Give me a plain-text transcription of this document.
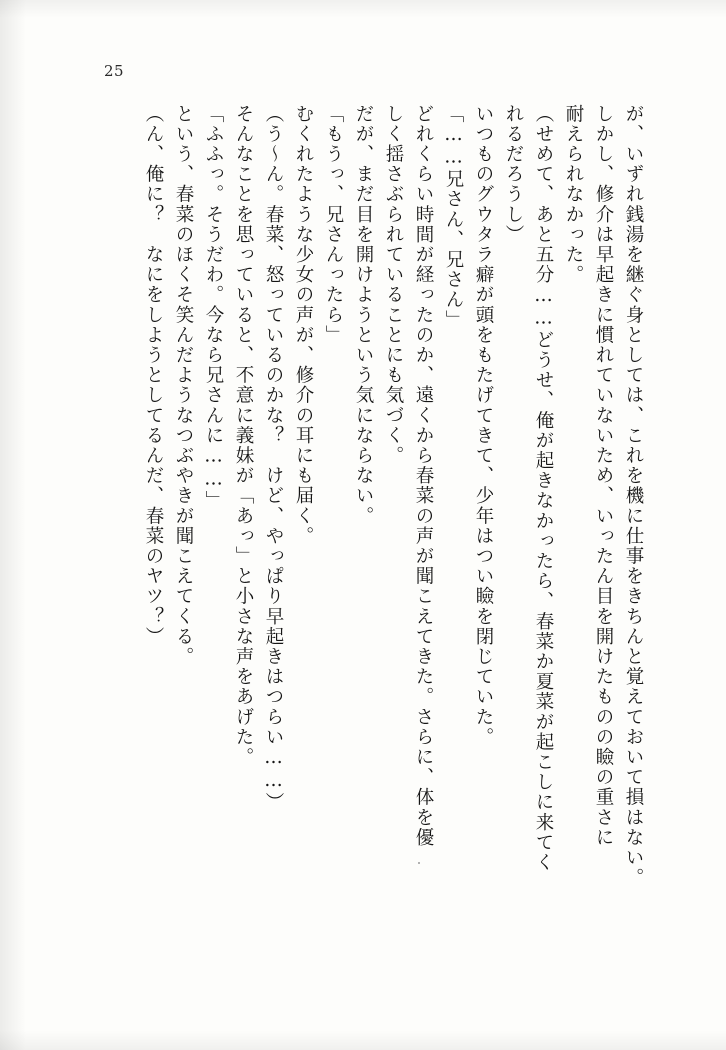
25
が、いずれ銭湯を継ぐ身としては、これを機に仕事をきちんと覚えておいて損はない。
しかし、修介は早起きに慣れていないため、いったん目を開けたものの瞼の重さに
耐えられなかった。
（せめて、あと五分……どうせ、俺が起きなかったら、春菜か夏菜が起こしに来てく
れるだろうし）
いつものグウタラ癖が頭をもたげてきて、少年はつい瞼を閉じていた。
「……兄さん、兄さん」
どれくらい時間が経ったのか、遠くから春菜の声が聞こえてきた。さらに、体を優
しく揺さぶられていることにも気づく。
だが、まだ目を開けようという気にならない。
「もうっ、兄さんったら」
むくれたような少女の声が、修介の耳にも届く。
（う～ん。春菜、怒っているのかな？　けど、やっぱり早起きはつらい……）
そんなことを思っていると、不意に義妹が「あっ」と小さな声をあげた。
「ふふっ。そうだわ。今なら兄さんに……」
という、春菜のほくそ笑んだようなつぶやきが聞こえてくる。
（ん、俺に？　なにをしようとしてるんだ、春菜のヤツ？）
